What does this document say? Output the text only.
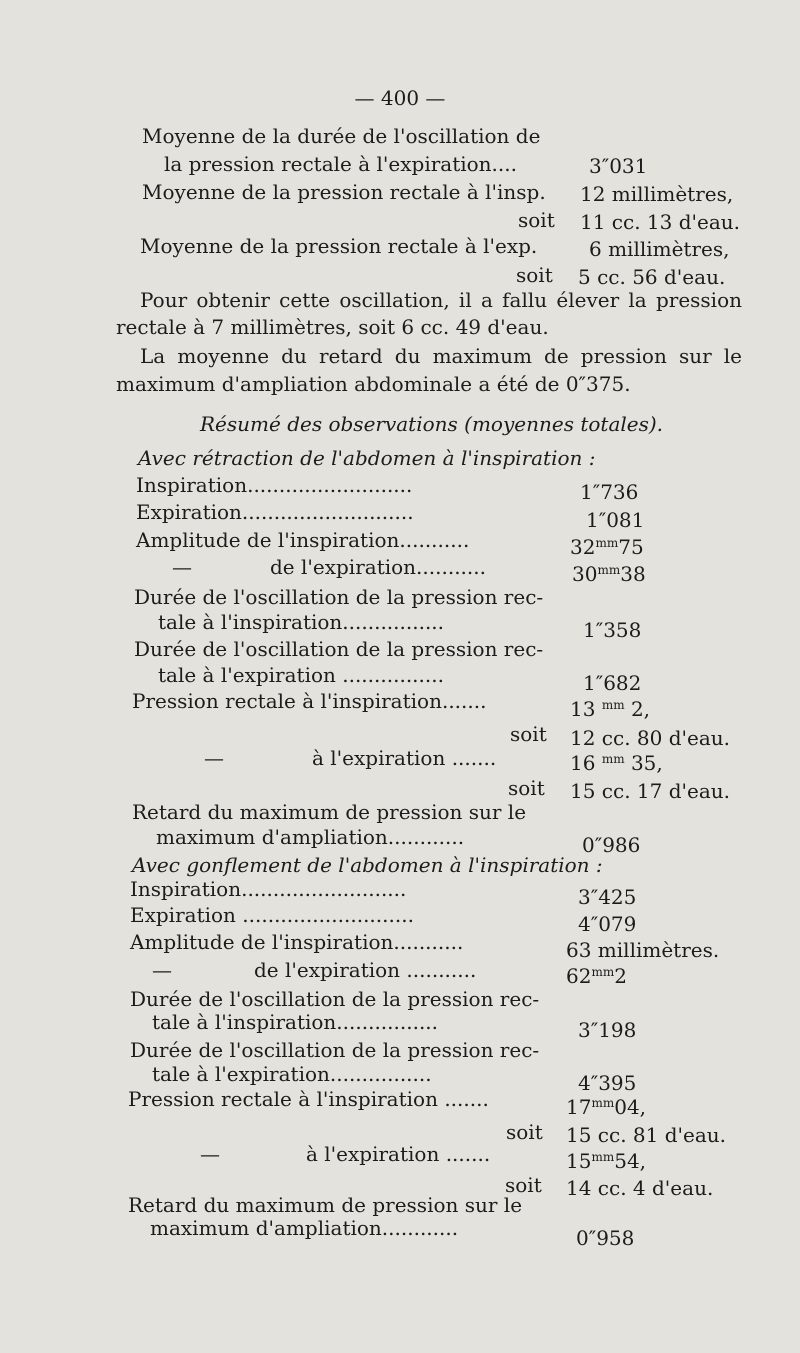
— 400 —
Moyenne de la durée de l'oscillation de
la pression rectale à l'expiration....	3″031
Moyenne de la pression rectale à l'insp. 12 millimètres,
soit 11 cc. 13 d'eau.
Moyenne de la pression rectale à l'exp.	6 millimètres,
soit 5 cc. 56 d'eau.
Pour obtenir cette oscillation, il a fallu élever la pression
rectale à 7 millimètres, soit 6 cc. 49 d'eau.
La moyenne du retard du maximum de pression sur le
maximum d'ampliation abdominale a été de 0″375.
Résumé des observations (moyennes totales).
Avec rétraction de l'abdomen à l'inspiration :
Inspiration..........................	1″736
Expiration...........................	1″081
Amplitude de l'inspiration...........	$32^{mm}75$
—	de l'expiration...........	$30^{mm}38$
Durée de l'oscillation de la pression rec-
tale à l'inspiration................	1″358
Durée de l'oscillation de la pression rec-
tale à l'expiration ................	1″682
Pression rectale à l'inspiration.......	13 $^{mm}$ 2,
soit 12 cc. 80 d'eau.
—	à l'expiration .......	16 $^{mm}$ 35,
soit 15 cc. 17 d'eau.
Retard du maximum de pression sur le
maximum d'ampliation............	0″986
Avec gonflement de l'abdomen à l'inspiration :
Inspiration..........................	3″425
Expiration ...........................	4″079
Amplitude de l'inspiration...........	63 millimètres.
—	de l'expiration ...........	$62^{mm}2$
Durée de l'oscillation de la pression rec-
tale à l'inspiration................	3″198
Durée de l'oscillation de la pression rec-
tale à l'expiration................	4″395
Pression rectale à l'inspiration .......	$17^{mm}04$,
soit 15 cc. 81 d'eau.
—	à l'expiration .......	$15^{mm}54$,
soit 14 cc. 4 d'eau.
Retard du maximum de pression sur le
maximum d'ampliation............	0″958
